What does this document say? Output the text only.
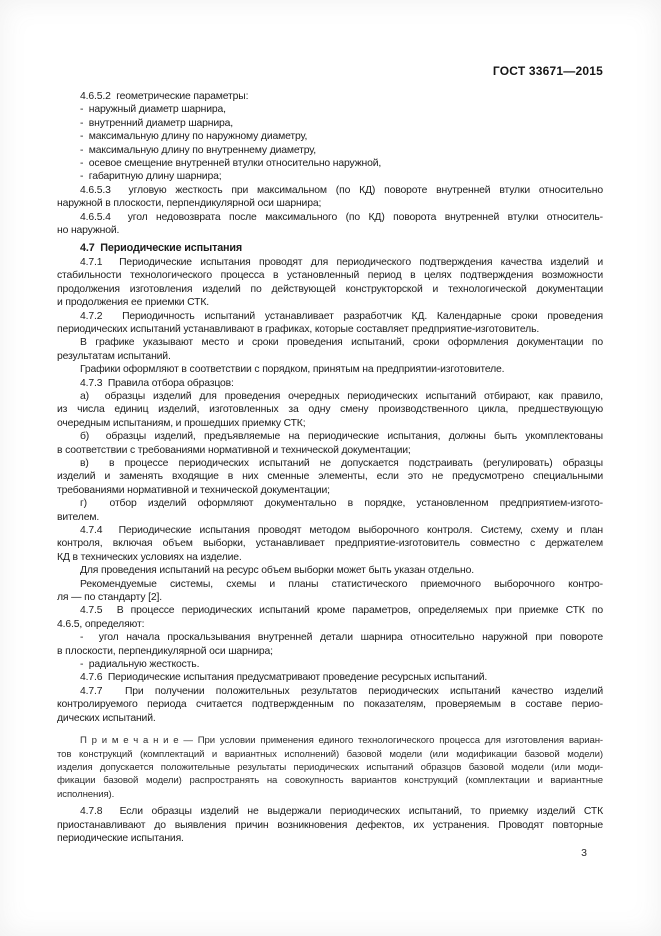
ГОСТ 33671—2015
4.6.5.2  геометрические параметры:
-  наружный диаметр шарнира,
-  внутренний диаметр шарнира,
-  максимальную длину по наружному диаметру,
-  максимальную длину по внутреннему диаметру,
-  осевое смещение внутренней втулки относительно наружной,
-  габаритную длину шарнира;
4.6.5.3  угловую жесткость при максимальном (по КД) повороте внутренней втулки относительно
наружной в плоскости, перпендикулярной оси шарнира;
4.6.5.4  угол недовозврата после максимального (по КД) поворота внутренней втулки относитель-
но наружной.
4.7  Периодические испытания
4.7.1  Периодические испытания проводят для периодического подтверждения качества изделий и
стабильности технологического процесса в установленный период в целях подтверждения возможности
продолжения изготовления изделий по действующей конструкторской и технологической документации
и продолжения ее приемки СТК.
4.7.2  Периодичность испытаний устанавливает разработчик КД. Календарные сроки проведения
периодических испытаний устанавливают в графиках, которые составляет предприятие-изготовитель.
В графике указывают место и сроки проведения испытаний, сроки оформления документации по
результатам испытаний.
Графики оформляют в соответствии с порядком, принятым на предприятии-изготовителе.
4.7.3  Правила отбора образцов:
а)  образцы изделий для проведения очередных периодических испытаний отбирают, как правило,
из числа единиц изделий, изготовленных за одну смену производственного цикла, предшествующую
очередным испытаниям, и прошедших приемку СТК;
б)  образцы изделий, предъявляемые на периодические испытания, должны быть укомплектованы
в соответствии с требованиями нормативной и технической документации;
в)  в процессе периодических испытаний не допускается подстраивать (регулировать) образцы
изделий и заменять входящие в них сменные элементы, если это не предусмотрено специальными
требованиями нормативной и технической документации;
г)  отбор изделий оформляют документально в порядке, установленном предприятием-изгото-
вителем.
4.7.4  Периодические испытания проводят методом выборочного контроля. Систему, схему и план
контроля, включая объем выборки, устанавливает предприятие-изготовитель совместно с держателем
КД в технических условиях на изделие.
Для проведения испытаний на ресурс объем выборки может быть указан отдельно.
Рекомендуемые системы, схемы и планы статистического приемочного выборочного контро-
ля — по стандарту [2].
4.7.5  В процессе периодических испытаний кроме параметров, определяемых при приемке СТК по
4.6.5, определяют:
-  угол начала проскальзывания внутренней детали шарнира относительно наружной при повороте
в плоскости, перпендикулярной оси шарнира;
-  радиальную жесткость.
4.7.6  Периодические испытания предусматривают проведение ресурсных испытаний.
4.7.7  При получении положительных результатов периодических испытаний качество изделий
контролируемого периода считается подтвержденным по показателям, проверяемым в составе перио-
дических испытаний.
П р и м е ч а н и е — При условии применения единого технологического процесса для изготовления вариан-
тов конструкций (комплектаций и вариантных исполнений) базовой модели (или модификации базовой модели)
изделия допускается положительные результаты периодических испытаний образцов базовой модели (или моди-
фикации базовой модели) распространять на совокупность вариантов конструкций (комплектации и вариантные
исполнения).
4.7.8  Если образцы изделий не выдержали периодических испытаний, то приемку изделий СТК
приостанавливают до выявления причин возникновения дефектов, их устранения. Проводят повторные
периодические испытания.
3
